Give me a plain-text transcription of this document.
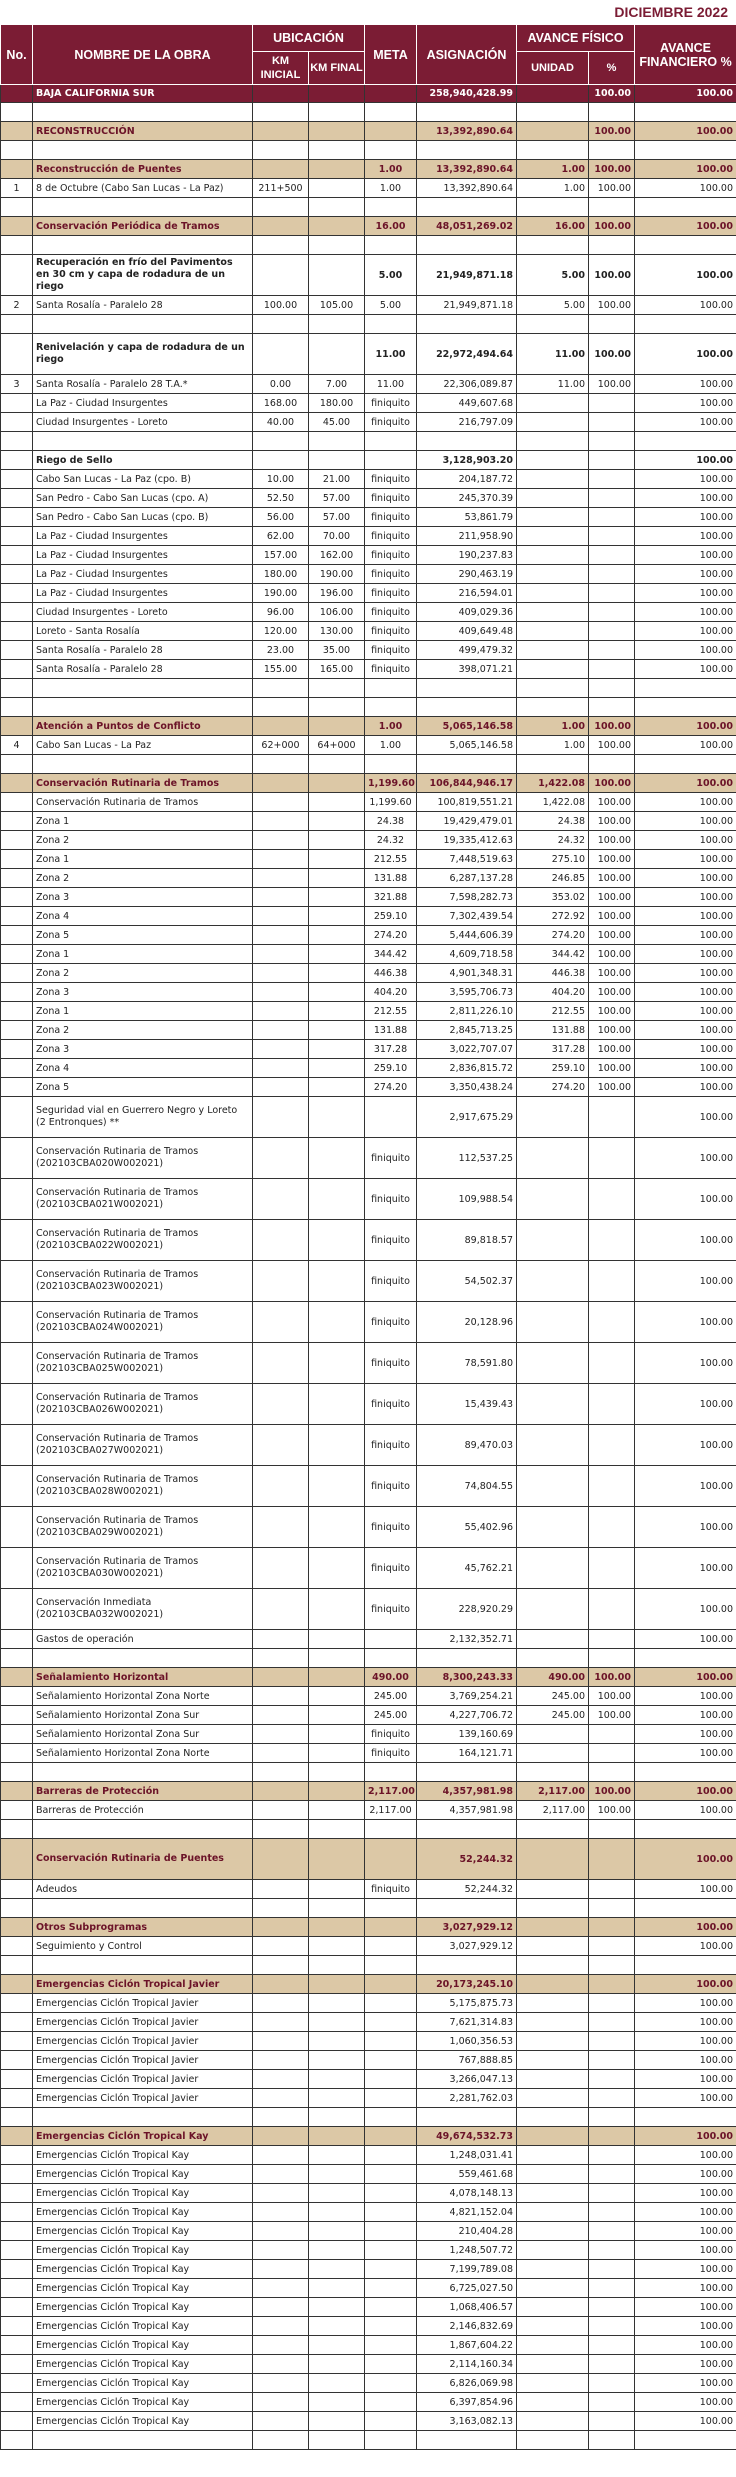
DICIEMBRE 2022
No.	NOMBRE DE LA OBRA	UBICACIÓN		META	ASIGNACIÓN	AVANCE FÍSICO		AVANCE FINANCIERO %
		KM INICIAL	KM FINAL			UNIDAD	%	
	BAJA CALIFORNIA SUR				258,940,428.99		100.00	100.00

	RECONSTRUCCIÓN				13,392,890.64		100.00	100.00

	Reconstrucción de Puentes			1.00	13,392,890.64	1.00	100.00	100.00
1	8 de Octubre (Cabo San Lucas - La Paz)	211+500		1.00	13,392,890.64	1.00	100.00	100.00

	Conservación Periódica de Tramos			16.00	48,051,269.02	16.00	100.00	100.00

	Recuperación en frío del Pavimentos en 30 cm y capa de rodadura de un riego			5.00	21,949,871.18	5.00	100.00	100.00
2	Santa Rosalía - Paralelo 28	100.00	105.00	5.00	21,949,871.18	5.00	100.00	100.00

	Renivelación y capa de rodadura de un riego			11.00	22,972,494.64	11.00	100.00	100.00
3	Santa Rosalía - Paralelo 28 T.A.*	0.00	7.00	11.00	22,306,089.87	11.00	100.00	100.00
	La Paz - Ciudad Insurgentes	168.00	180.00	finiquito	449,607.68			100.00
	Ciudad Insurgentes - Loreto	40.00	45.00	finiquito	216,797.09			100.00

	Riego de Sello				3,128,903.20			100.00
	Cabo San Lucas - La Paz (cpo. B)	10.00	21.00	finiquito	204,187.72			100.00
	San Pedro - Cabo San Lucas (cpo. A)	52.50	57.00	finiquito	245,370.39			100.00
	San Pedro - Cabo San Lucas (cpo. B)	56.00	57.00	finiquito	53,861.79			100.00
	La Paz - Ciudad Insurgentes	62.00	70.00	finiquito	211,958.90			100.00
	La Paz - Ciudad Insurgentes	157.00	162.00	finiquito	190,237.83			100.00
	La Paz - Ciudad Insurgentes	180.00	190.00	finiquito	290,463.19			100.00
	La Paz - Ciudad Insurgentes	190.00	196.00	finiquito	216,594.01			100.00
	Ciudad Insurgentes - Loreto	96.00	106.00	finiquito	409,029.36			100.00
	Loreto - Santa Rosalía	120.00	130.00	finiquito	409,649.48			100.00
	Santa Rosalía - Paralelo 28	23.00	35.00	finiquito	499,479.32			100.00
	Santa Rosalía - Paralelo 28	155.00	165.00	finiquito	398,071.21			100.00

	Atención a Puntos de Conflicto			1.00	5,065,146.58	1.00	100.00	100.00
4	Cabo San Lucas - La Paz	62+000	64+000	1.00	5,065,146.58	1.00	100.00	100.00

	Conservación Rutinaria de Tramos			1,199.60	106,844,946.17	1,422.08	100.00	100.00
	Conservación Rutinaria de Tramos			1,199.60	100,819,551.21	1,422.08	100.00	100.00
	Zona 1			24.38	19,429,479.01	24.38	100.00	100.00
	Zona 2			24.32	19,335,412.63	24.32	100.00	100.00
	Zona 1			212.55	7,448,519.63	275.10	100.00	100.00
	Zona 2			131.88	6,287,137.28	246.85	100.00	100.00
	Zona 3			321.88	7,598,282.73	353.02	100.00	100.00
	Zona 4			259.10	7,302,439.54	272.92	100.00	100.00
	Zona 5			274.20	5,444,606.39	274.20	100.00	100.00
	Zona 1			344.42	4,609,718.58	344.42	100.00	100.00
	Zona 2			446.38	4,901,348.31	446.38	100.00	100.00
	Zona 3			404.20	3,595,706.73	404.20	100.00	100.00
	Zona 1			212.55	2,811,226.10	212.55	100.00	100.00
	Zona 2			131.88	2,845,713.25	131.88	100.00	100.00
	Zona 3			317.28	3,022,707.07	317.28	100.00	100.00
	Zona 4			259.10	2,836,815.72	259.10	100.00	100.00
	Zona 5			274.20	3,350,438.24	274.20	100.00	100.00
	Seguridad vial en Guerrero Negro y Loreto (2 Entronques) **				2,917,675.29			100.00
	Conservación Rutinaria de Tramos (202103CBA020W002021)			finiquito	112,537.25			100.00
	Conservación Rutinaria de Tramos (202103CBA021W002021)			finiquito	109,988.54			100.00
	Conservación Rutinaria de Tramos (202103CBA022W002021)			finiquito	89,818.57			100.00
	Conservación Rutinaria de Tramos (202103CBA023W002021)			finiquito	54,502.37			100.00
	Conservación Rutinaria de Tramos (202103CBA024W002021)			finiquito	20,128.96			100.00
	Conservación Rutinaria de Tramos (202103CBA025W002021)			finiquito	78,591.80			100.00
	Conservación Rutinaria de Tramos (202103CBA026W002021)			finiquito	15,439.43			100.00
	Conservación Rutinaria de Tramos (202103CBA027W002021)			finiquito	89,470.03			100.00
	Conservación Rutinaria de Tramos (202103CBA028W002021)			finiquito	74,804.55			100.00
	Conservación Rutinaria de Tramos (202103CBA029W002021)			finiquito	55,402.96			100.00
	Conservación Rutinaria de Tramos (202103CBA030W002021)			finiquito	45,762.21			100.00
	Conservación Inmediata (202103CBA032W002021)			finiquito	228,920.29			100.00
	Gastos de operación				2,132,352.71			100.00

	Señalamiento Horizontal			490.00	8,300,243.33	490.00	100.00	100.00
	Señalamiento Horizontal Zona Norte			245.00	3,769,254.21	245.00	100.00	100.00
	Señalamiento Horizontal Zona Sur			245.00	4,227,706.72	245.00	100.00	100.00
	Señalamiento Horizontal Zona Sur			finiquito	139,160.69			100.00
	Señalamiento Horizontal Zona Norte			finiquito	164,121.71			100.00

	Barreras de Protección			2,117.00	4,357,981.98	2,117.00	100.00	100.00
	Barreras de Protección			2,117.00	4,357,981.98	2,117.00	100.00	100.00

	Conservación Rutinaria de Puentes				52,244.32			100.00
	Adeudos			finiquito	52,244.32			100.00

	Otros Subprogramas				3,027,929.12			100.00
	Seguimiento y Control				3,027,929.12			100.00

	Emergencias Ciclón Tropical Javier				20,173,245.10			100.00
	Emergencias Ciclón Tropical Javier				5,175,875.73			100.00
	Emergencias Ciclón Tropical Javier				7,621,314.83			100.00
	Emergencias Ciclón Tropical Javier				1,060,356.53			100.00
	Emergencias Ciclón Tropical Javier				767,888.85			100.00
	Emergencias Ciclón Tropical Javier				3,266,047.13			100.00
	Emergencias Ciclón Tropical Javier				2,281,762.03			100.00

	Emergencias Ciclón Tropical Kay				49,674,532.73			100.00
	Emergencias Ciclón Tropical Kay				1,248,031.41			100.00
	Emergencias Ciclón Tropical Kay				559,461.68			100.00
	Emergencias Ciclón Tropical Kay				4,078,148.13			100.00
	Emergencias Ciclón Tropical Kay				4,821,152.04			100.00
	Emergencias Ciclón Tropical Kay				210,404.28			100.00
	Emergencias Ciclón Tropical Kay				1,248,507.72			100.00
	Emergencias Ciclón Tropical Kay				7,199,789.08			100.00
	Emergencias Ciclón Tropical Kay				6,725,027.50			100.00
	Emergencias Ciclón Tropical Kay				1,068,406.57			100.00
	Emergencias Ciclón Tropical Kay				2,146,832.69			100.00
	Emergencias Ciclón Tropical Kay				1,867,604.22			100.00
	Emergencias Ciclón Tropical Kay				2,114,160.34			100.00
	Emergencias Ciclón Tropical Kay				6,826,069.98			100.00
	Emergencias Ciclón Tropical Kay				6,397,854.96			100.00
	Emergencias Ciclón Tropical Kay				3,163,082.13			100.00
